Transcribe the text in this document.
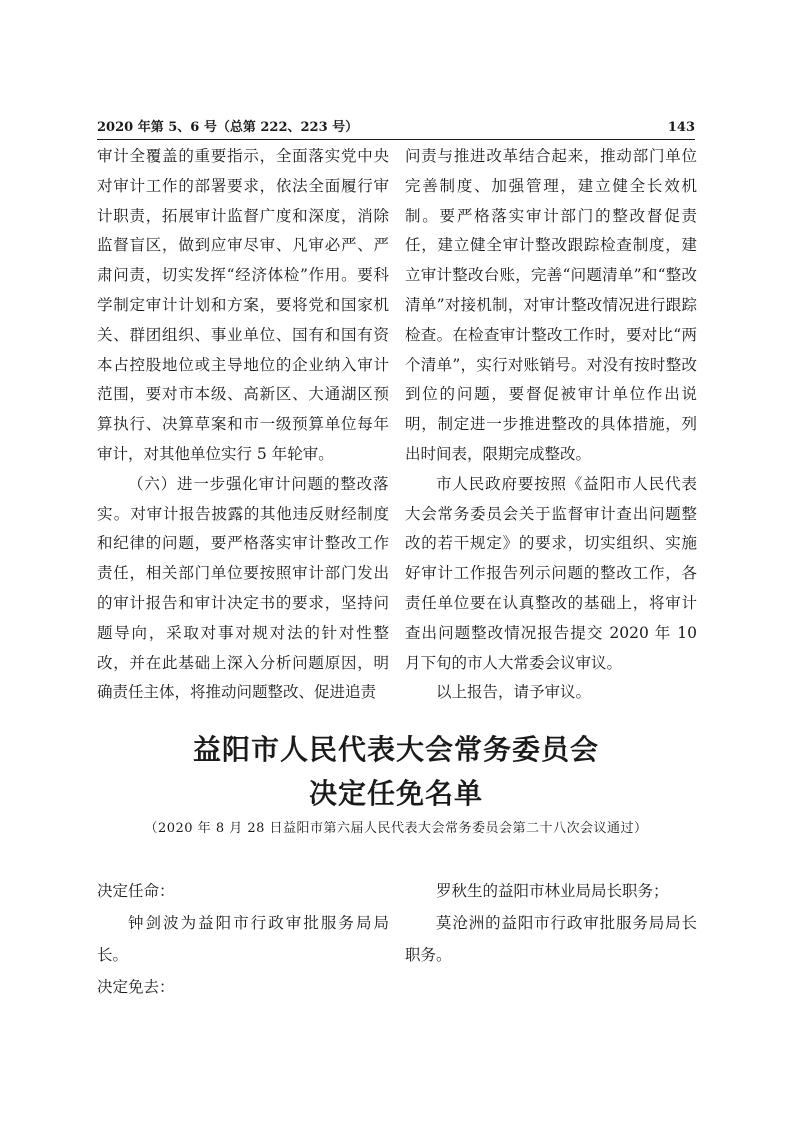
2020 年第 5、6 号（总第 222、223 号）	143

审计全覆盖的重要指示，全面落实党中央对审计工作的部署要求，依法全面履行审计职责，拓展审计监督广度和深度，消除监督盲区，做到应审尽审、凡审必严、严肃问责，切实发挥“经济体检”作用。要科学制定审计计划和方案，要将党和国家机关、群团组织、事业单位、国有和国有资本占控股地位或主导地位的企业纳入审计范围，要对市本级、高新区、大通湖区预算执行、决算草案和市一级预算单位每年审计，对其他单位实行 5 年轮审。

（六）进一步强化审计问题的整改落实。对审计报告披露的其他违反财经制度和纪律的问题，要严格落实审计整改工作责任，相关部门单位要按照审计部门发出的审计报告和审计决定书的要求，坚持问题导向，采取对事对规对法的针对性整改，并在此基础上深入分析问题原因，明确责任主体，将推动问题整改、促进追责

问责与推进改革结合起来，推动部门单位完善制度、加强管理，建立健全长效机制。要严格落实审计部门的整改督促责任，建立健全审计整改跟踪检查制度，建立审计整改台账，完善“问题清单”和“整改清单”对接机制，对审计整改情况进行跟踪检查。在检查审计整改工作时，要对比“两个清单”，实行对账销号。对没有按时整改到位的问题，要督促被审计单位作出说明，制定进一步推进整改的具体措施，列出时间表，限期完成整改。

市人民政府要按照《益阳市人民代表大会常务委员会关于监督审计查出问题整改的若干规定》的要求，切实组织、实施好审计工作报告列示问题的整改工作，各责任单位要在认真整改的基础上，将审计查出问题整改情况报告提交 2020 年 10 月下旬的市人大常委会议审议。

以上报告，请予审议。

益阳市人民代表大会常务委员会
决定任免名单
（2020 年 8 月 28 日益阳市第六届人民代表大会常务委员会第二十八次会议通过）

决定任命：

钟剑波为益阳市行政审批服务局局长。

决定免去：

罗秋生的益阳市林业局局长职务；

莫沧洲的益阳市行政审批服务局局长职务。
